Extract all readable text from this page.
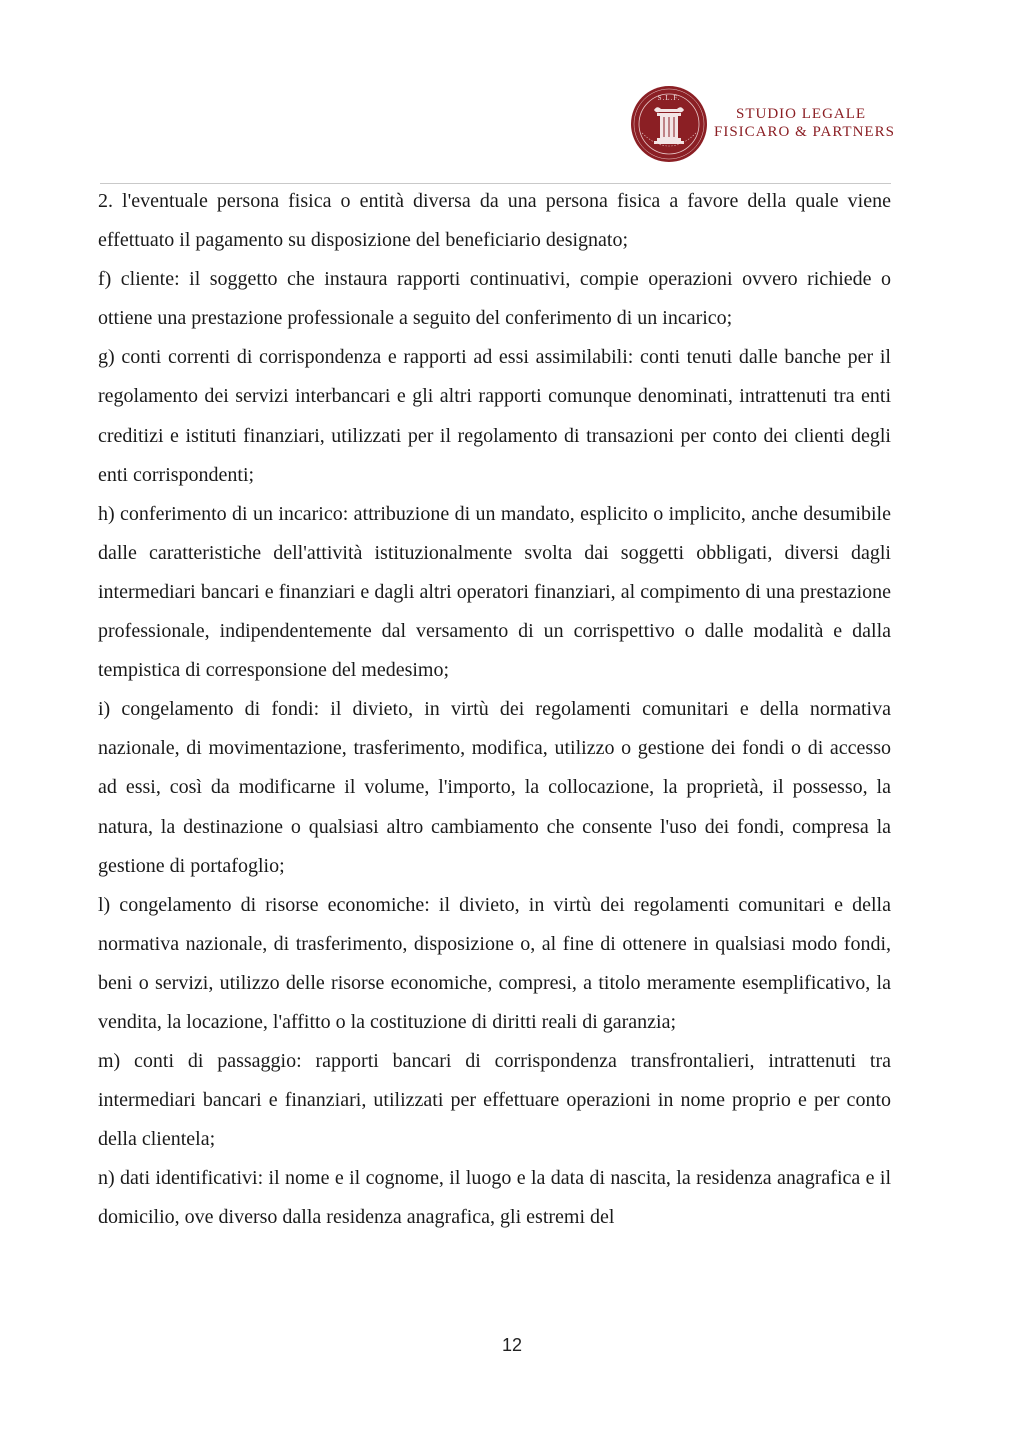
S.L.F.
STUDIO LEGALE
FISICARO & PARTNERS

2. l'eventuale persona fisica o entità diversa da una persona fisica a favore della quale viene effettuato il pagamento su disposizione del beneficiario designato;

f) cliente: il soggetto che instaura rapporti continuativi, compie operazioni ovvero richiede o ottiene una prestazione professionale a seguito del conferimento di un incarico;

g) conti correnti di corrispondenza e rapporti ad essi assimilabili: conti tenuti dalle banche per il regolamento dei servizi interbancari e gli altri rapporti comunque denominati, intrattenuti tra enti creditizi e istituti finanziari, utilizzati per il regolamento di transazioni per conto dei clienti degli enti corrispondenti;

h) conferimento di un incarico: attribuzione di un mandato, esplicito o implicito, anche desumibile dalle caratteristiche dell'attività istituzionalmente svolta dai soggetti obbligati, diversi dagli intermediari bancari e finanziari e dagli altri operatori finanziari, al compimento di una prestazione professionale, indipendentemente dal versamento di un corrispettivo o dalle modalità e dalla tempistica di corresponsione del medesimo;

i) congelamento di fondi: il divieto, in virtù dei regolamenti comunitari e della normativa nazionale, di movimentazione, trasferimento, modifica, utilizzo o gestione dei fondi o di accesso ad essi, così da modificarne il volume, l'importo, la collocazione, la proprietà, il possesso, la natura, la destinazione o qualsiasi altro cambiamento che consente l'uso dei fondi, compresa la gestione di portafoglio;

l) congelamento di risorse economiche: il divieto, in virtù dei regolamenti comunitari e della normativa nazionale, di trasferimento, disposizione o, al fine di ottenere in qualsiasi modo fondi, beni o servizi, utilizzo delle risorse economiche, compresi, a titolo meramente esemplificativo, la vendita, la locazione, l'affitto o la costituzione di diritti reali di garanzia;

m) conti di passaggio: rapporti bancari di corrispondenza transfrontalieri, intrattenuti tra intermediari bancari e finanziari, utilizzati per effettuare operazioni in nome proprio e per conto della clientela;

n) dati identificativi: il nome e il cognome, il luogo e la data di nascita, la residenza anagrafica e il domicilio, ove diverso dalla residenza anagrafica, gli estremi del

12
